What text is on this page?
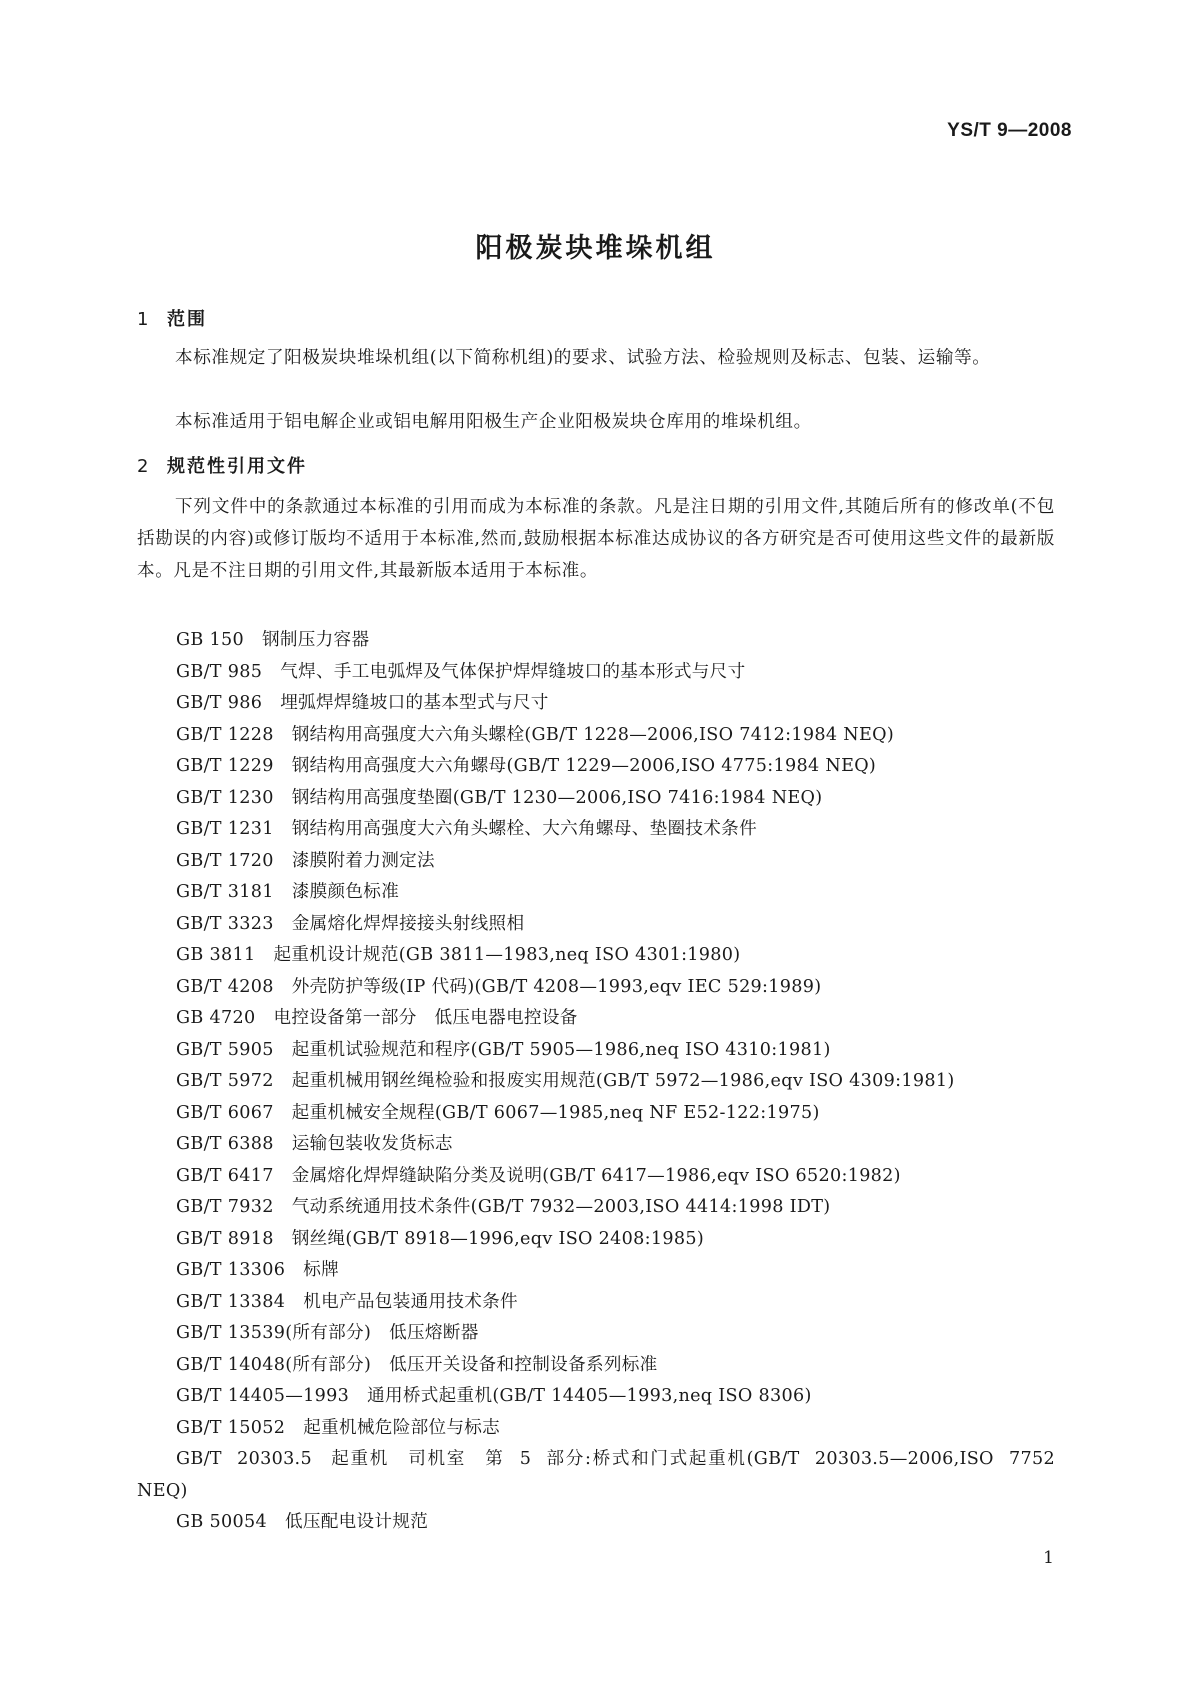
YS/T 9—2008
阳极炭块堆垛机组
1 范围
本标准规定了阳极炭块堆垛机组(以下简称机组)的要求、试验方法、检验规则及标志、包装、运输等。
本标准适用于铝电解企业或铝电解用阳极生产企业阳极炭块仓库用的堆垛机组。
2 规范性引用文件
下列文件中的条款通过本标准的引用而成为本标准的条款。凡是注日期的引用文件,其随后所有的修改单(不包括勘误的内容)或修订版均不适用于本标准,然而,鼓励根据本标准达成协议的各方研究是否可使用这些文件的最新版本。凡是不注日期的引用文件,其最新版本适用于本标准。
GB 150 钢制压力容器
GB/T 985 气焊、手工电弧焊及气体保护焊焊缝坡口的基本形式与尺寸
GB/T 986 埋弧焊焊缝坡口的基本型式与尺寸
GB/T 1228 钢结构用高强度大六角头螺栓(GB/T 1228—2006,ISO 7412:1984 NEQ)
GB/T 1229 钢结构用高强度大六角螺母(GB/T 1229—2006,ISO 4775:1984 NEQ)
GB/T 1230 钢结构用高强度垫圈(GB/T 1230—2006,ISO 7416:1984 NEQ)
GB/T 1231 钢结构用高强度大六角头螺栓、大六角螺母、垫圈技术条件
GB/T 1720 漆膜附着力测定法
GB/T 3181 漆膜颜色标准
GB/T 3323 金属熔化焊焊接接头射线照相
GB 3811 起重机设计规范(GB 3811—1983,neq ISO 4301:1980)
GB/T 4208 外壳防护等级(IP 代码)(GB/T 4208—1993,eqv IEC 529:1989)
GB 4720 电控设备第一部分　低压电器电控设备
GB/T 5905 起重机试验规范和程序(GB/T 5905—1986,neq ISO 4310:1981)
GB/T 5972 起重机械用钢丝绳检验和报废实用规范(GB/T 5972—1986,eqv ISO 4309:1981)
GB/T 6067 起重机械安全规程(GB/T 6067—1985,neq NF E52-122:1975)
GB/T 6388 运输包装收发货标志
GB/T 6417 金属熔化焊焊缝缺陷分类及说明(GB/T 6417—1986,eqv ISO 6520:1982)
GB/T 7932 气动系统通用技术条件(GB/T 7932—2003,ISO 4414:1998 IDT)
GB/T 8918 钢丝绳(GB/T 8918—1996,eqv ISO 2408:1985)
GB/T 13306 标牌
GB/T 13384 机电产品包装通用技术条件
GB/T 13539(所有部分) 低压熔断器
GB/T 14048(所有部分) 低压开关设备和控制设备系列标准
GB/T 14405—1993 通用桥式起重机(GB/T 14405—1993,neq ISO 8306)
GB/T 15052 起重机械危险部位与标志
GB/T 20303.5 起重机　司机室　第 5 部分:桥式和门式起重机(GB/T 20303.5—2006,ISO 7752 NEQ)
GB 50054 低压配电设计规范
1
